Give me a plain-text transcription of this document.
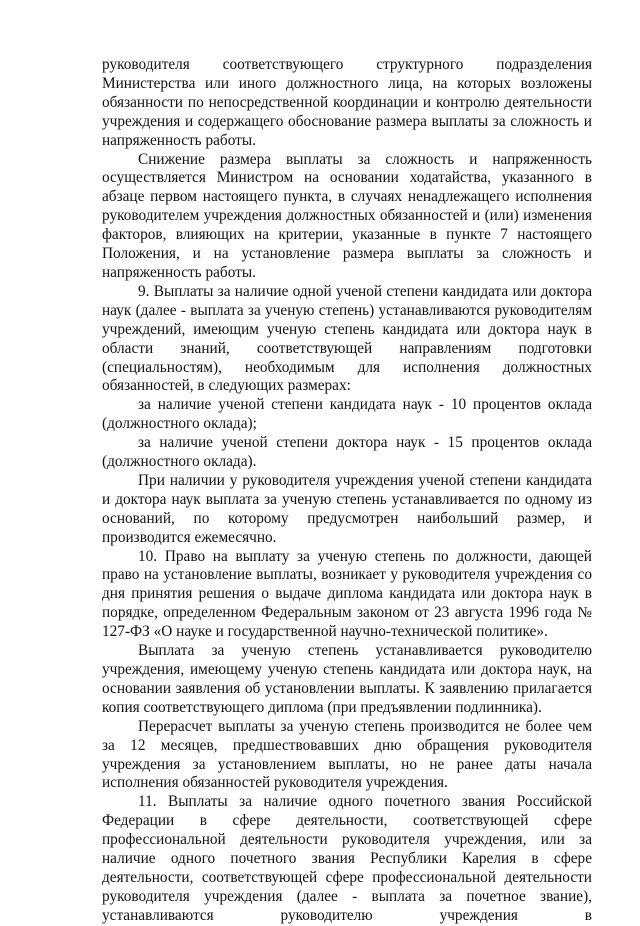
руководителя соответствующего структурного подразделения Министерства или иного должностного лица, на которых возложены обязанности по непосредственной координации и контролю деятельности учреждения и содержащего обоснование размера выплаты за сложность и напряженность работы.

Снижение размера выплаты за сложность и напряженность осуществляется Министром на основании ходатайства, указанного в абзаце первом настоящего пункта, в случаях ненадлежащего исполнения руководителем учреждения должностных обязанностей и (или) изменения факторов, влияющих на критерии, указанные в пункте 7 настоящего Положения, и на установление размера выплаты за сложность и напряженность работы.

9. Выплаты за наличие одной ученой степени кандидата или доктора наук (далее - выплата за ученую степень) устанавливаются руководителям учреждений, имеющим ученую степень кандидата или доктора наук в области знаний, соответствующей направлениям подготовки (специальностям), необходимым для исполнения должностных обязанностей, в следующих размерах:

за наличие ученой степени кандидата наук - 10 процентов оклада (должностного оклада);

за наличие ученой степени доктора наук - 15 процентов оклада (должностного оклада).

При наличии у руководителя учреждения ученой степени кандидата и доктора наук выплата за ученую степень устанавливается по одному из оснований, по которому предусмотрен наибольший размер, и производится ежемесячно.

10. Право на выплату за ученую степень по должности, дающей право на установление выплаты, возникает у руководителя учреждения со дня принятия решения о выдаче диплома кандидата или доктора наук в порядке, определенном Федеральным законом от 23 августа 1996 года № 127-ФЗ «О науке и государственной научно-технической политике».

Выплата за ученую степень устанавливается руководителю учреждения, имеющему ученую степень кандидата или доктора наук, на основании заявления об установлении выплаты. К заявлению прилагается копия соответствующего диплома (при предъявлении подлинника).

Перерасчет выплаты за ученую степень производится не более чем за 12 месяцев, предшествовавших дню обращения руководителя учреждения за установлением выплаты, но не ранее даты начала исполнения обязанностей руководителя учреждения.

11. Выплаты за наличие одного почетного звания Российской Федерации в сфере деятельности, соответствующей сфере профессиональной деятельности руководителя учреждения, или за наличие одного почетного звания Республики Карелия в сфере деятельности, соответствующей сфере профессиональной деятельности руководителя учреждения (далее - выплата за почетное звание), устанавливаются руководителю учреждения в
